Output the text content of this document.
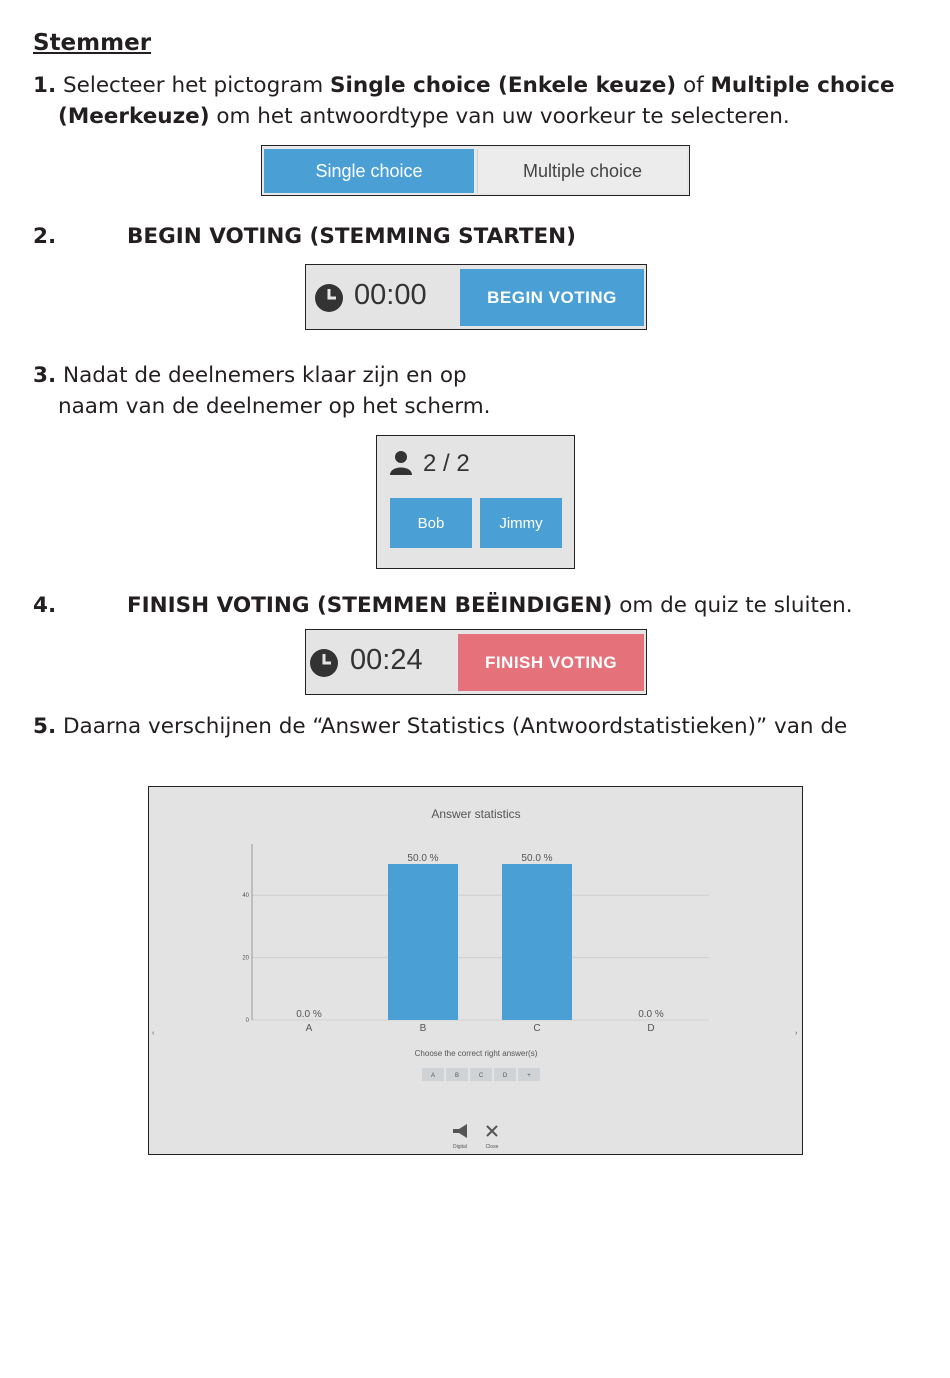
Stemmer
1. Selecteer het pictogram Single choice (Enkele keuze) of Multiple choice
(Meerkeuze) om het antwoordtype van uw voorkeur te selecteren.
Single choice	Multiple choice
2.	BEGIN VOTING (STEMMING STARTEN)
00:00	BEGIN VOTING
3. Nadat de deelnemers klaar zijn en op
naam van de deelnemer op het scherm.
2 / 2
Bob	Jimmy
4.	FINISH VOTING (STEMMEN BEËINDIGEN) om de quiz te sluiten.
00:24	FINISH VOTING
5. Daarna verschijnen de “Answer Statistics (Antwoordstatistieken)” van de
Answer statistics
0
20
40
0.0 %
A
50.0 %
B
50.0 %
C
0.0 %
D
Choose the correct right answer(s)
A	B	C	D	+
Digital	Close
‹	›
